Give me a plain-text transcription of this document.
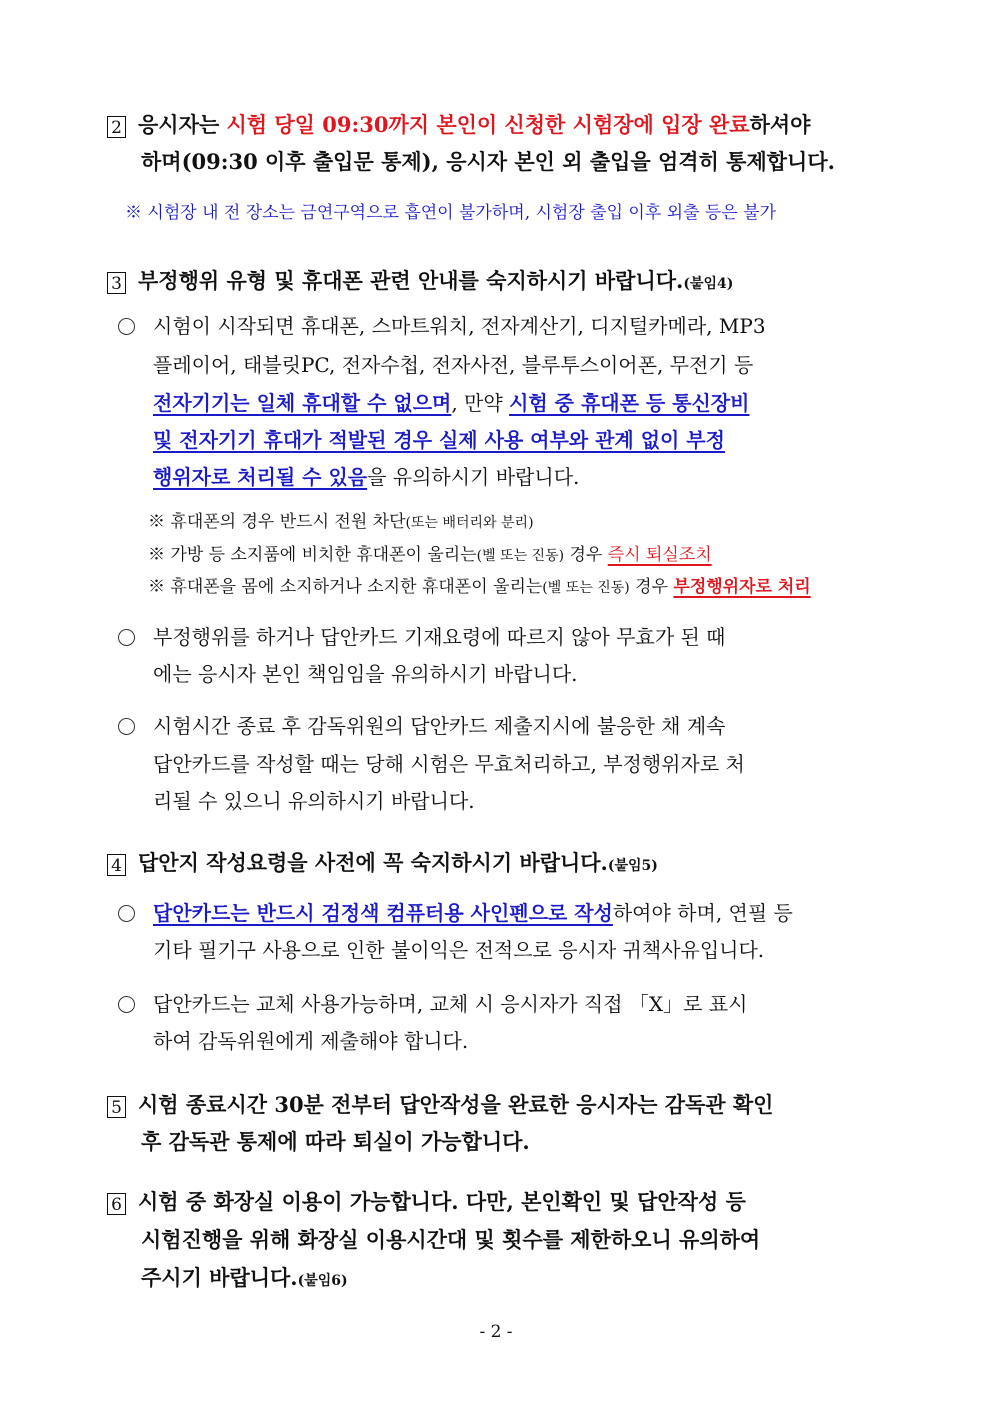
2 응시자는 시험 당일 09:30까지 본인이 신청한 시험장에 입장 완료하셔야
하며(09:30 이후 출입문 통제), 응시자 본인 외 출입을 엄격히 통제합니다.
※ 시험장 내 전 장소는 금연구역으로 흡연이 불가하며, 시험장 출입 이후 외출 등은 불가
3 부정행위 유형 및 휴대폰 관련 안내를 숙지하시기 바랍니다.(붙임4)
시험이 시작되면 휴대폰, 스마트워치, 전자계산기, 디지털카메라, MP3
플레이어, 태블릿PC, 전자수첩, 전자사전, 블루투스이어폰, 무전기 등
전자기기는 일체 휴대할 수 없으며, 만약 시험 중 휴대폰 등 통신장비
및 전자기기 휴대가 적발된 경우 실제 사용 여부와 관계 없이 부정
행위자로 처리될 수 있음을 유의하시기 바랍니다.
※ 휴대폰의 경우 반드시 전원 차단(또는 배터리와 분리)
※ 가방 등 소지품에 비치한 휴대폰이 울리는(벨 또는 진동) 경우 즉시 퇴실조치
※ 휴대폰을 몸에 소지하거나 소지한 휴대폰이 울리는(벨 또는 진동) 경우 부정행위자로 처리
부정행위를 하거나 답안카드 기재요령에 따르지 않아 무효가 된 때
에는 응시자 본인 책임임을 유의하시기 바랍니다.
시험시간 종료 후 감독위원의 답안카드 제출지시에 불응한 채 계속
답안카드를 작성할 때는 당해 시험은 무효처리하고, 부정행위자로 처
리될 수 있으니 유의하시기 바랍니다.
4 답안지 작성요령을 사전에 꼭 숙지하시기 바랍니다.(붙임5)
답안카드는 반드시 검정색 컴퓨터용 사인펜으로 작성하여야 하며, 연필 등
기타 필기구 사용으로 인한 불이익은 전적으로 응시자 귀책사유입니다.
답안카드는 교체 사용가능하며, 교체 시 응시자가 직접 「X」로 표시
하여 감독위원에게 제출해야 합니다.
5 시험 종료시간 30분 전부터 답안작성을 완료한 응시자는 감독관 확인
후 감독관 통제에 따라 퇴실이 가능합니다.
6 시험 중 화장실 이용이 가능합니다. 다만, 본인확인 및 답안작성 등
시험진행을 위해 화장실 이용시간대 및 횟수를 제한하오니 유의하여
주시기 바랍니다.(붙임6)
- 2 -
